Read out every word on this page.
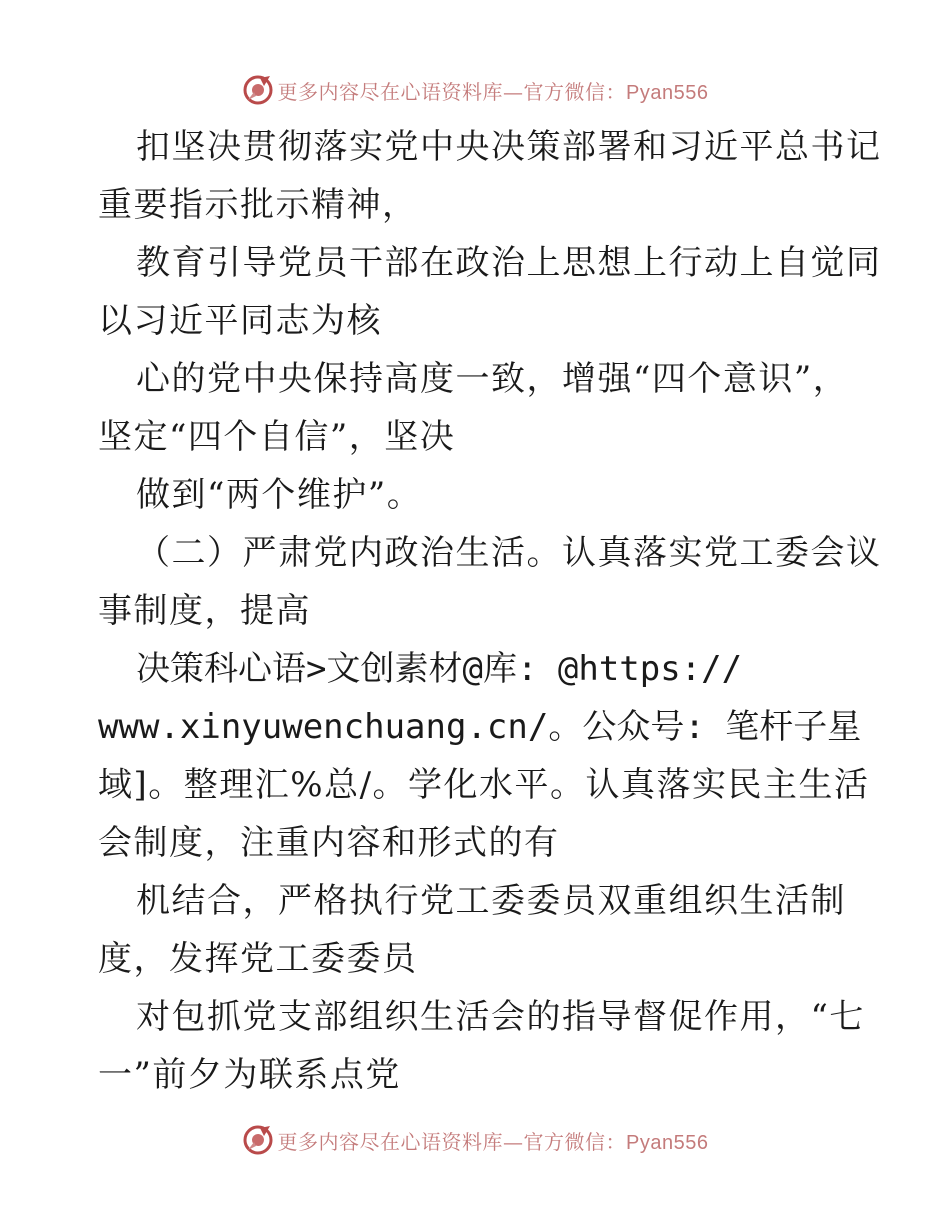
更多内容尽在心语资料库—官方微信：Pyan556
扣坚决贯彻落实党中央决策部署和习近平总书记
重要指示批示精神，
教育引导党员干部在政治上思想上行动上自觉同
以习近平同志为核
心的党中央保持高度一致，增强“四个意识”，
坚定“四个自信”，坚决
做到“两个维护”。
（二）严肃党内政治生活。认真落实党工委会议
事制度，提高
决策科心语>文创素材@库: @https://
www.xinyuwenchuang.cn/。公众号: 笔杆子星
域]。整理汇%总/。学化水平。认真落实民主生活
会制度，注重内容和形式的有
机结合，严格执行党工委委员双重组织生活制
度，发挥党工委委员
对包抓党支部组织生活会的指导督促作用，“七
一”前夕为联系点党
更多内容尽在心语资料库—官方微信：Pyan556
